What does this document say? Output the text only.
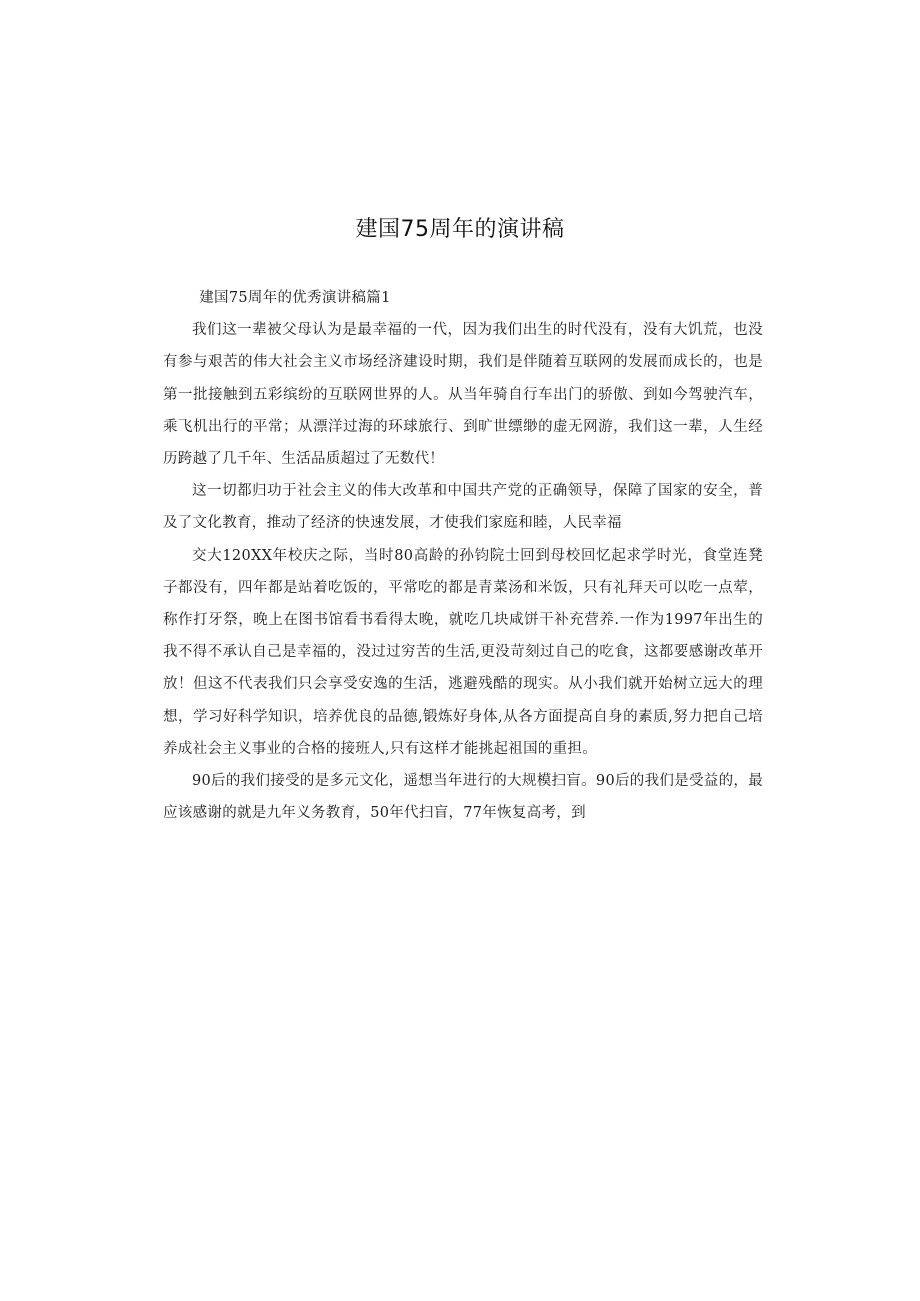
建国75周年的演讲稿

建国75周年的优秀演讲稿篇1

我们这一辈被父母认为是最幸福的一代，因为我们出生的时代没有，没有大饥荒，也没有参与艰苦的伟大社会主义市场经济建设时期，我们是伴随着互联网的发展而成长的，也是第一批接触到五彩缤纷的互联网世界的人。从当年骑自行车出门的骄傲、到如今驾驶汽车，乘飞机出行的平常；从漂洋过海的环球旅行、到旷世缥缈的虚无网游，我们这一辈，人生经历跨越了几千年、生活品质超过了无数代！

这一切都归功于社会主义的伟大改革和中国共产党的正确领导，保障了国家的安全，普及了文化教育，推动了经济的快速发展，才使我们家庭和睦，人民幸福

交大120XX年校庆之际，当时80高龄的孙钧院士回到母校回忆起求学时光，食堂连凳子都没有，四年都是站着吃饭的，平常吃的都是青菜汤和米饭，只有礼拜天可以吃一点荤，称作打牙祭，晚上在图书馆看书看得太晚，就吃几块咸饼干补充营养.一作为1997年出生的我不得不承认自己是幸福的，没过过穷苦的生活,更没苛刻过自己的吃食，这都要感谢改革开放！但这不代表我们只会享受安逸的生活，逃避残酷的现实。从小我们就开始树立远大的理想，学习好科学知识，培养优良的品德,锻炼好身体,从各方面提高自身的素质,努力把自己培养成社会主义事业的合格的接班人,只有这样才能挑起祖国的重担。

90后的我们接受的是多元文化，遥想当年进行的大规模扫盲。90后的我们是受益的，最应该感谢的就是九年义务教育，50年代扫盲，77年恢复高考，到
